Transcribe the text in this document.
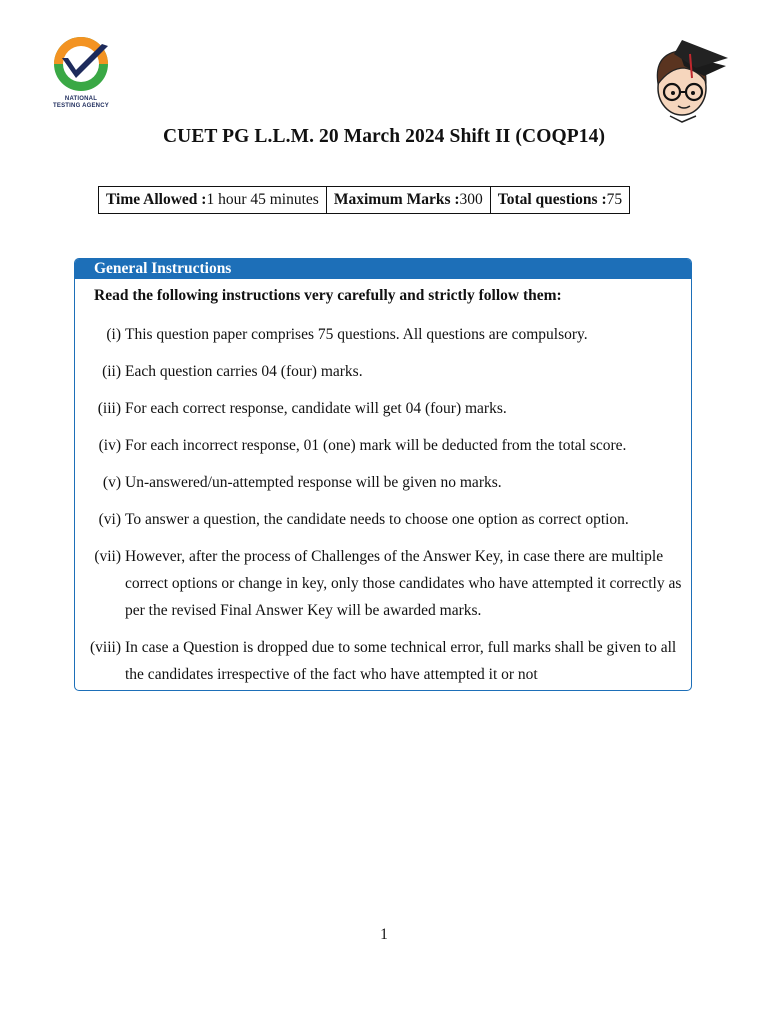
NATIONAL
TESTING AGENCY
CUET PG L.L.M. 20 March 2024 Shift II (COQP14)
Time Allowed :1 hour 45 minutes	Maximum Marks :300	Total questions :75
General Instructions
Read the following instructions very carefully and strictly follow them:
(i) This question paper comprises 75 questions. All questions are compulsory.
(ii) Each question carries 04 (four) marks.
(iii) For each correct response, candidate will get 04 (four) marks.
(iv) For each incorrect response, 01 (one) mark will be deducted from the total score.
(v) Un-answered/un-attempted response will be given no marks.
(vi) To answer a question, the candidate needs to choose one option as correct option.
(vii) However, after the process of Challenges of the Answer Key, in case there are multiple correct options or change in key, only those candidates who have attempted it correctly as per the revised Final Answer Key will be awarded marks.
(viii) In case a Question is dropped due to some technical error, full marks shall be given to all the candidates irrespective of the fact who have attempted it or not
1
